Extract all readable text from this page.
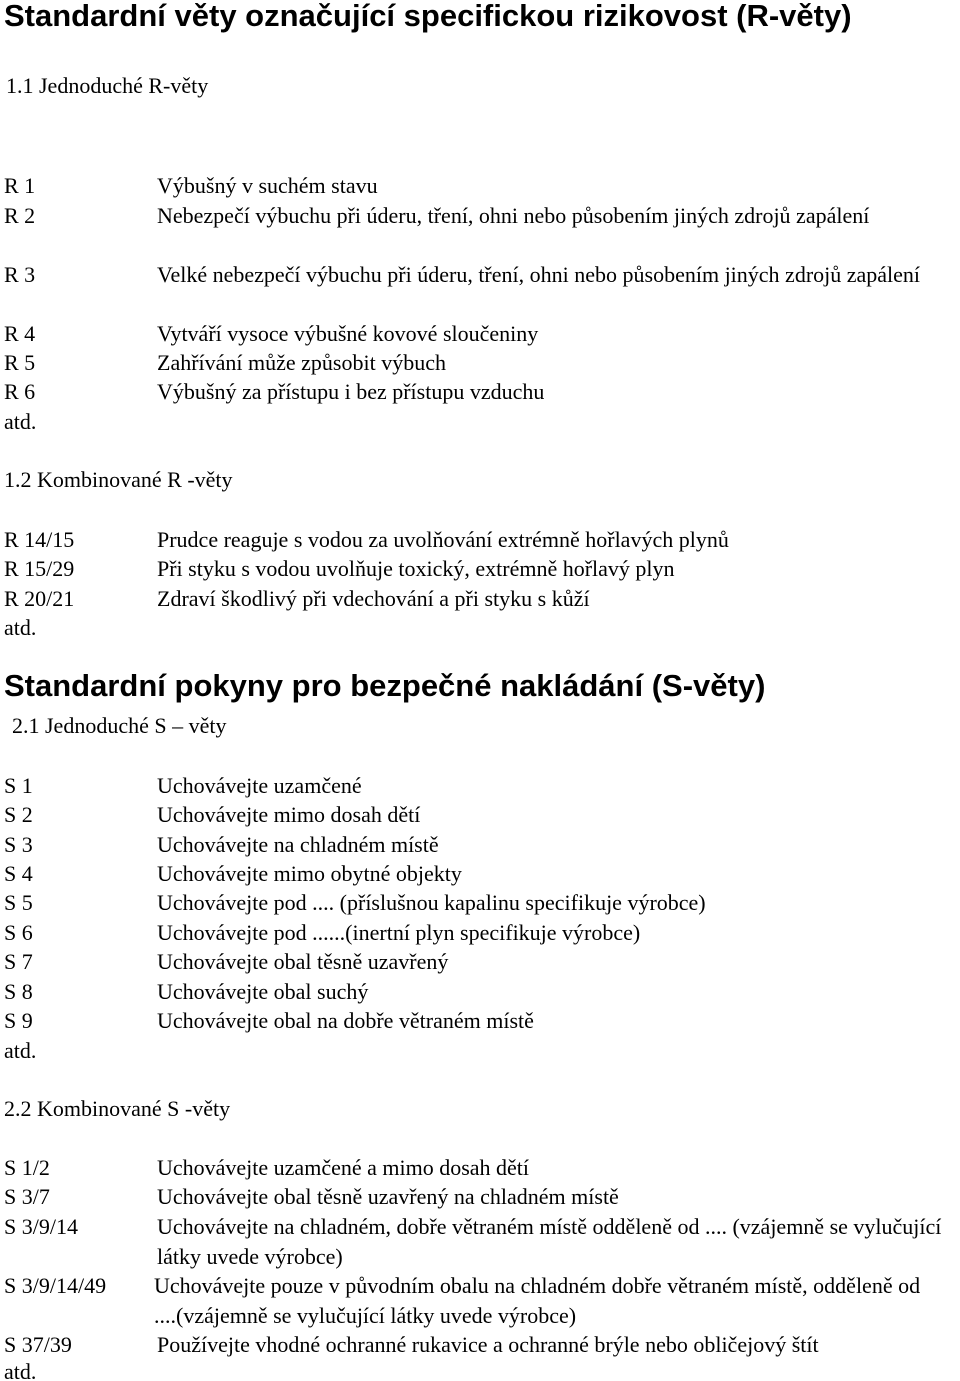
Standardní věty označující specifickou rizikovost (R-věty)
1.1 Jednoduché R-věty
R 1	Výbušný v suchém stavu
R 2	Nebezpečí výbuchu při úderu, tření, ohni nebo působením jiných zdrojů zapálení
R 3	Velké nebezpečí výbuchu při úderu, tření, ohni nebo působením jiných zdrojů zapálení
R 4	Vytváří vysoce výbušné kovové sloučeniny
R 5	Zahřívání může způsobit výbuch
R 6	Výbušný za přístupu i bez přístupu vzduchu
atd.
1.2 Kombinované R -věty
R 14/15	Prudce reaguje s vodou za uvolňování extrémně hořlavých plynů
R 15/29	Při styku s vodou uvolňuje toxický, extrémně hořlavý plyn
R 20/21	Zdraví škodlivý při vdechování a při styku s kůží
atd.
Standardní pokyny pro bezpečné nakládání (S-věty)
2.1 Jednoduché S – věty
S 1	Uchovávejte uzamčené
S 2	Uchovávejte mimo dosah dětí
S 3	Uchovávejte na chladném místě
S 4	Uchovávejte mimo obytné objekty
S 5	Uchovávejte pod .... (příslušnou kapalinu specifikuje výrobce)
S 6	Uchovávejte pod ......(inertní plyn specifikuje výrobce)
S 7	Uchovávejte obal těsně uzavřený
S 8	Uchovávejte obal suchý
S 9	Uchovávejte obal na dobře větraném místě
atd.
2.2 Kombinované S -věty
S 1/2	Uchovávejte uzamčené a mimo dosah dětí
S 3/7	Uchovávejte obal těsně uzavřený na chladném místě
S 3/9/14	Uchovávejte na chladném, dobře větraném místě odděleně od .... (vzájemně se vylučující látky uvede výrobce)
S 3/9/14/49 Uchovávejte pouze v původním obalu na chladném dobře větraném místě, odděleně od ....(vzájemně se vylučující látky uvede výrobce)
S 37/39	Používejte vhodné ochranné rukavice a ochranné brýle nebo obličejový štít
atd.
